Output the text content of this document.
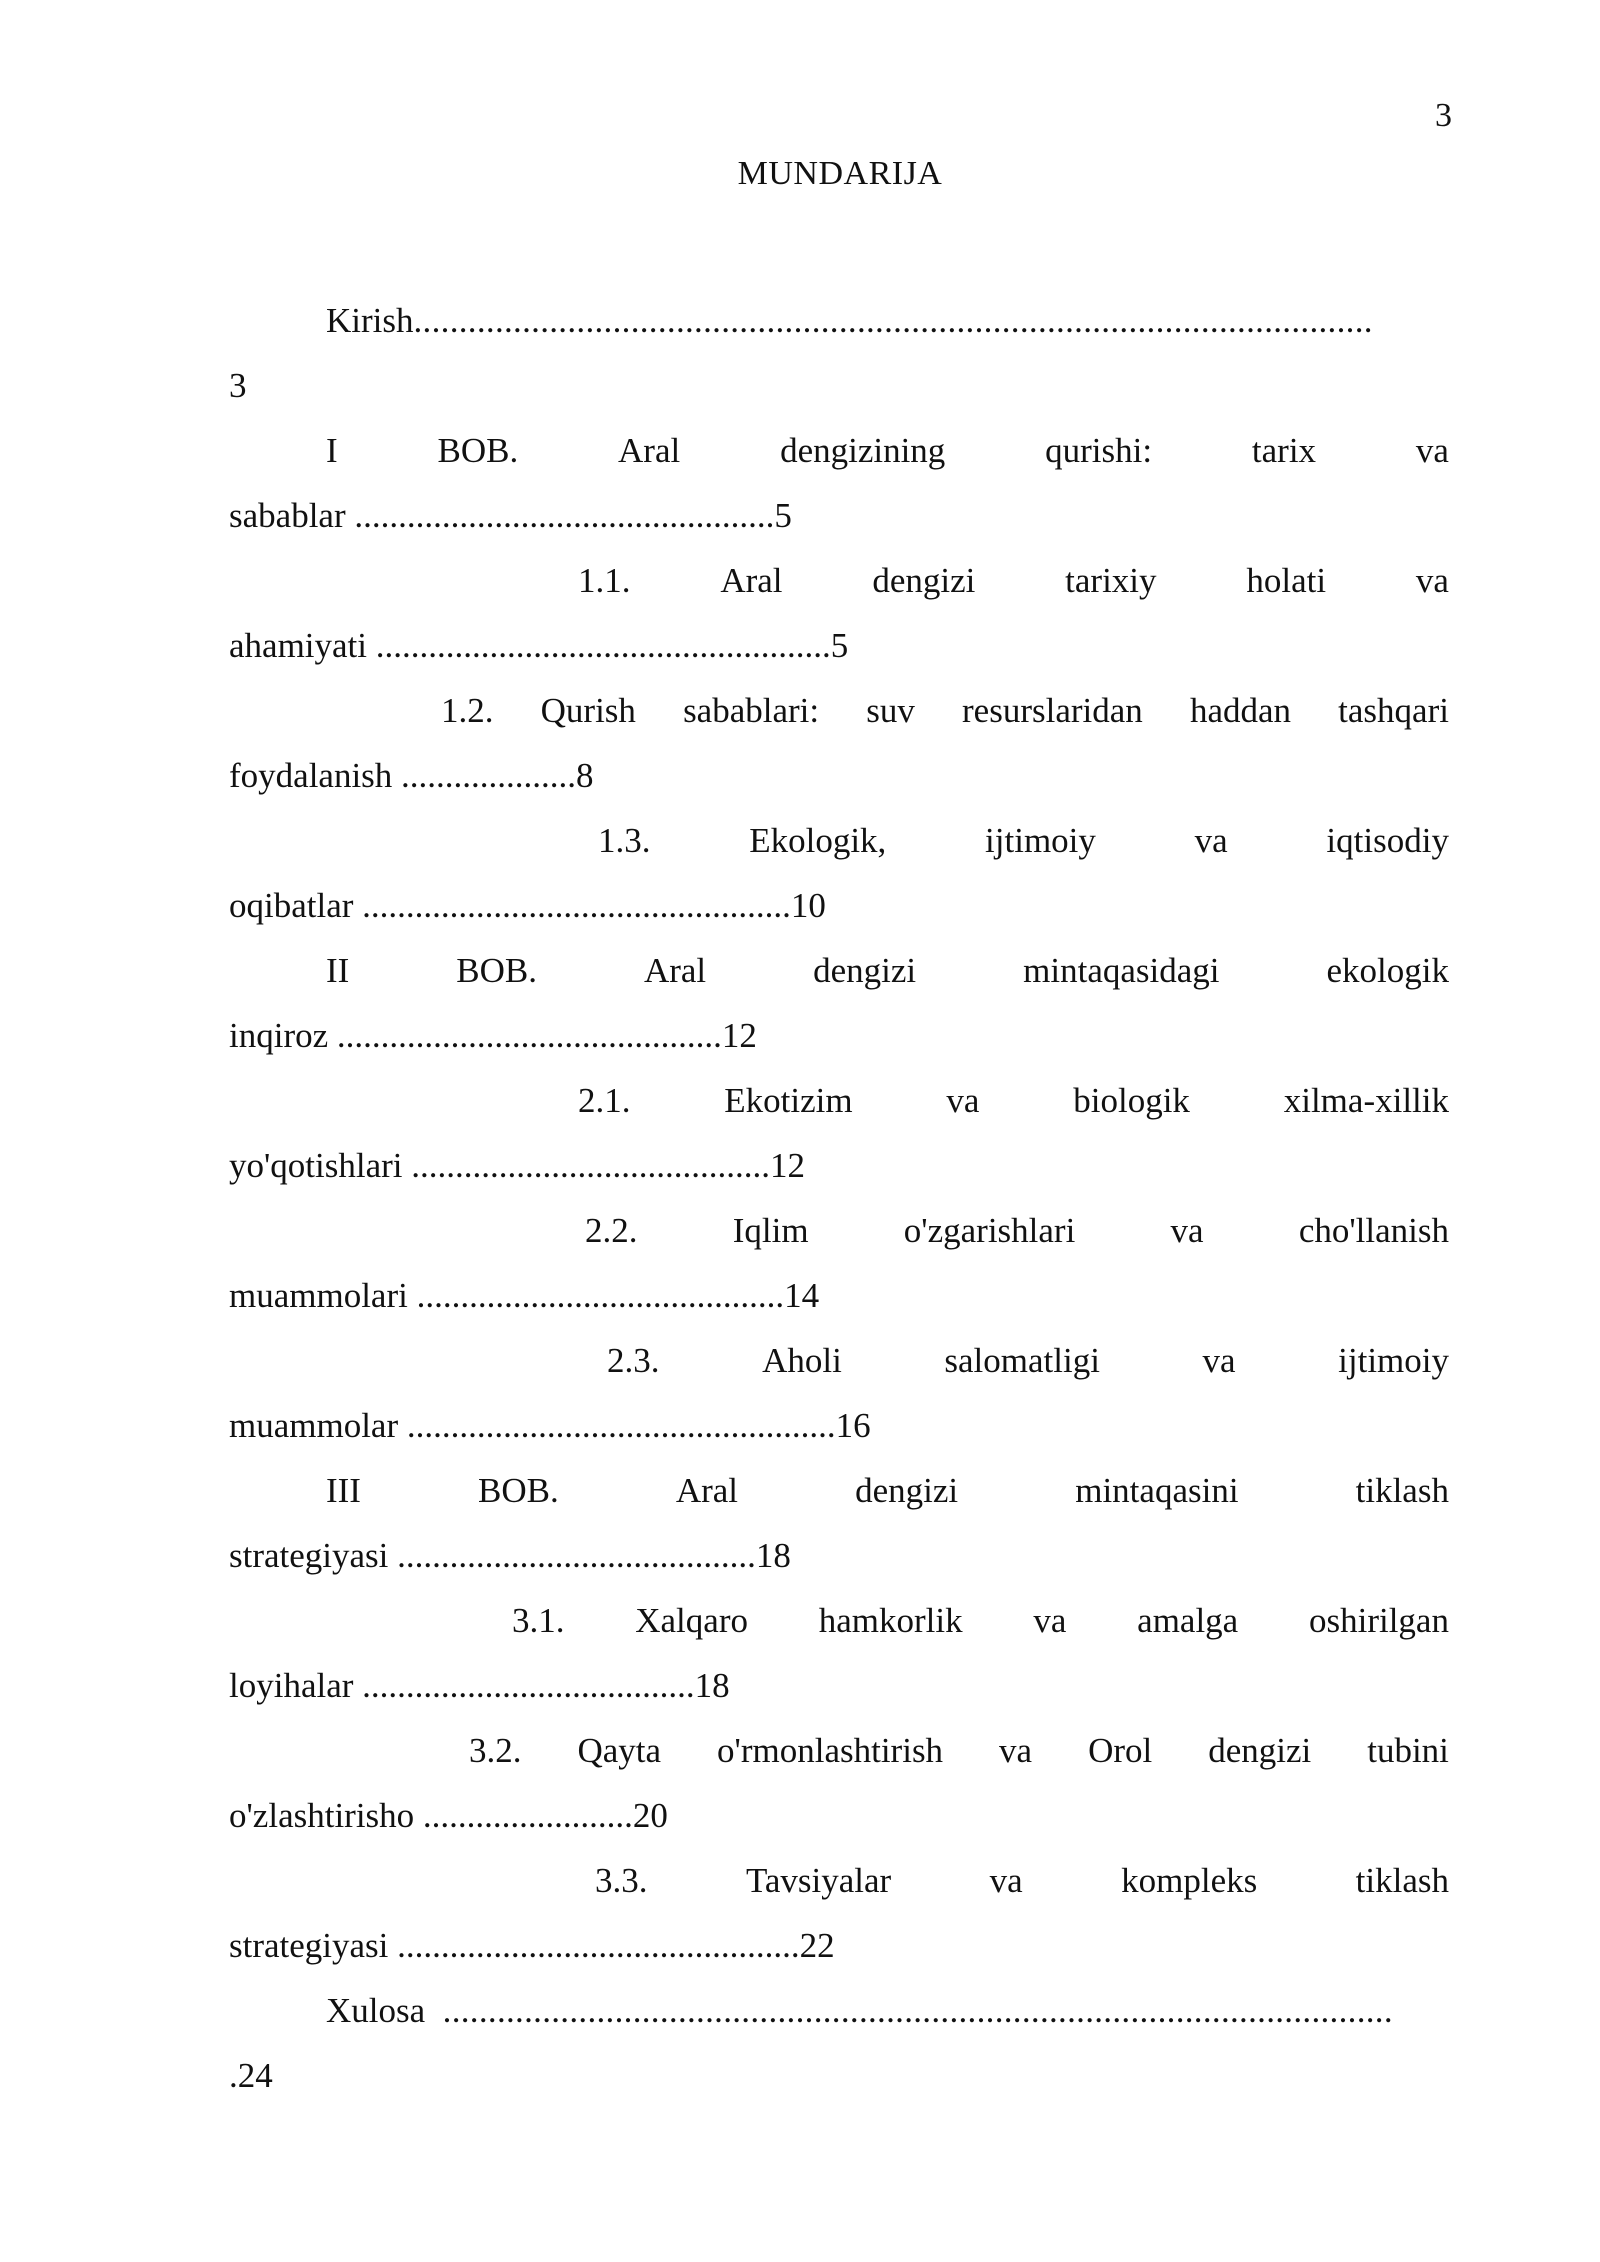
3
MUNDARIJA
Kirish ..........................................................................................................
3
I	BOB.	Aral	dengizining	qurishi:	tarix	va
sabablar ................................................5
1.1.	Aral	dengizi	tarixiy	holati	va
ahamiyati ....................................................5
1.2. Qurish sabablari: suv resurslaridan haddan tashqari
foydalanish ....................8
1.3.	Ekologik,	ijtimoiy	va	iqtisodiy
oqibatlar .................................................10
II	BOB.	Aral	dengizi	mintaqasidagi	ekologik
inqiroz ............................................12
2.1.	Ekotizim	va	biologik	xilma-xillik
yo'qotishlari .........................................12
2.2.	Iqlim	o'zgarishlari	va	cho'llanish
muammolari ..........................................14
2.3.	Aholi	salomatligi	va	ijtimoiy
muammolar .................................................16
III	BOB.	Aral	dengizi	mintaqasini	tiklash
strategiyasi .........................................18
3.1. Xalqaro hamkorlik va amalga oshirilgan
loyihalar ......................................18
3.2. Qayta o'rmonlashtirish va Orol dengizi tubini
o'zlashtirisho ........................20
3.3.	Tavsiyalar	va	kompleks	tiklash
strategiyasi ..............................................22
Xulosa .........................................................................................................
.24
